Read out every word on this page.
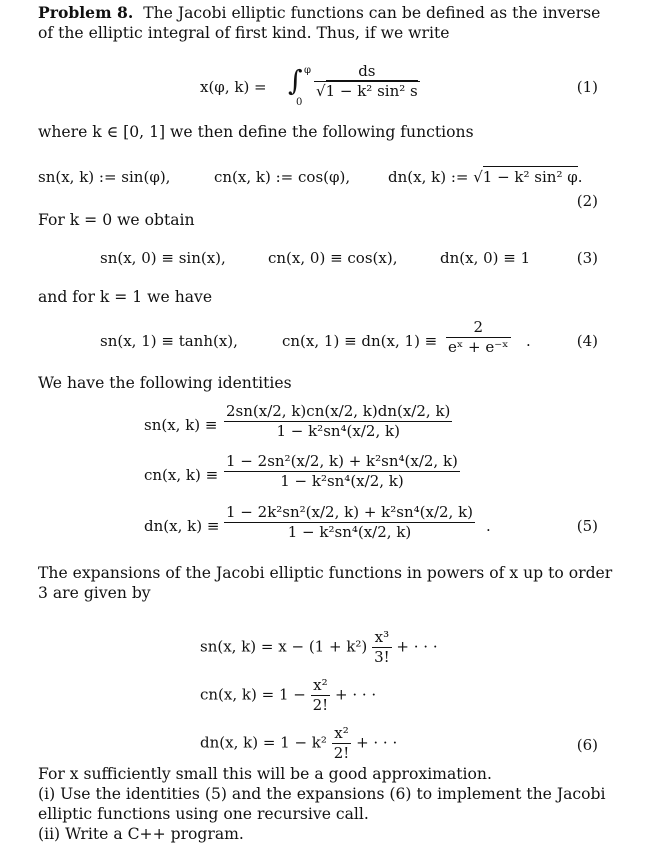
Problem 8. The Jacobi elliptic functions can be defined as the inverse
of the elliptic integral of first kind. Thus, if we write
x(φ, k) = ∫ φ
0
$\frac{ds}{\text{√1 − k² sin² s}}$	(1)
where k ∈ [0, 1] we then define the following functions
sn(x, k) := sin(φ),	cn(x, k) := cos(φ),	dn(x, k) := √1 − k² sin² φ.
(2)
For k = 0 we obtain
sn(x, 0) ≡ sin(x),	cn(x, 0) ≡ cos(x),	dn(x, 0) ≡ 1	(3)
and for k = 1 we have
sn(x, 1) ≡ tanh(x),	cn(x, 1) ≡ dn(x, $1) \equiv \frac{2}{\text{eˣ + e⁻ˣ}}$ .	(4)
We have the following identities
sn(x, $k) \equiv \frac{2sn(x/2, k)cn(x/2, k)dn(x/2, k)}{\text{1 − k²sn⁴(x/2, k)}}$
cn(x, $k) \equiv \frac{\text{1 − 2sn²(x/2, k) + k²sn⁴(x/2, k)}}{\text{1 − k²sn⁴(x/2, k)}}$
dn(x, $k) \equiv \frac{\text{1 − 2k²sn²(x/2, k) + k²sn⁴(x/2, k)}}{\text{1 − k²sn⁴(x/2, k)}}$ .	(5)
The expansions of the Jacobi elliptic functions in powers of x up to order
3 are given by
sn(x, $k) = x - (1 + k^2) \frac{\text{x³}}{3!}$ + · · ·
cn(x, $k) = 1 - \frac{\text{x²}}{2!}$ + · · ·
dn(x, $k) = 1 - k^2 \frac{\text{x²}}{2!}$ + · · ·	(6)
For x sufficiently small this will be a good approximation.
(i) Use the identities (5) and the expansions (6) to implement the Jacobi
elliptic functions using one recursive call.
(ii) Write a C++ program.
